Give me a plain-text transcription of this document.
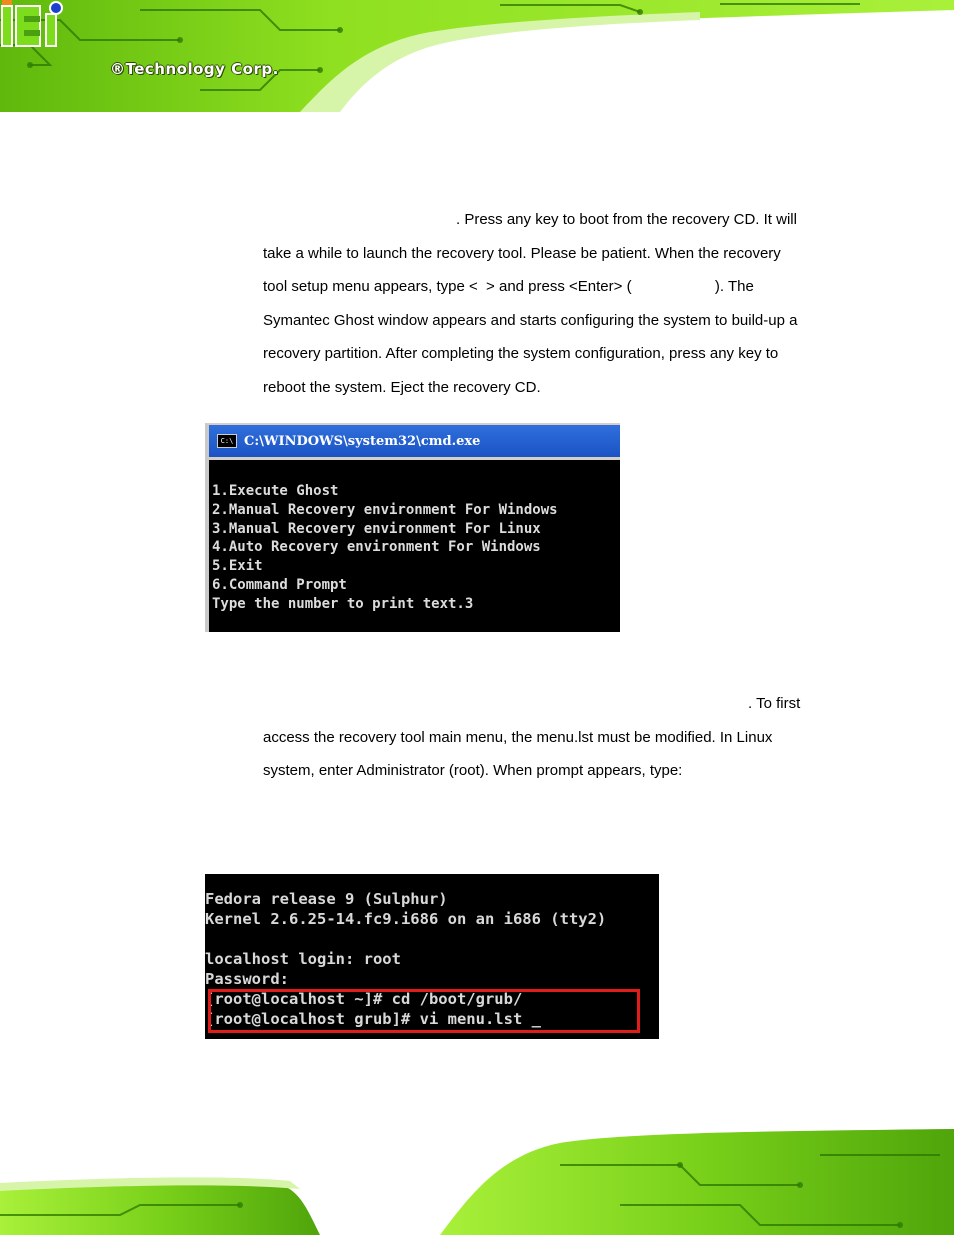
®Technology Corp.

. Press any key to boot from the recovery CD. It will

take a while to launch the recovery tool. Please be patient. When the recovery

tool setup menu appears, type <  > and press <Enter> (                    ). The

Symantec Ghost window appears and starts configuring the system to build-up a

recovery partition. After completing the system configuration, press any key to

reboot the system. Eject the recovery CD.

C:\ C:\WINDOWS\system32\cmd.exe
1.Execute Ghost
2.Manual Recovery environment For Windows
3.Manual Recovery environment For Linux
4.Auto Recovery environment For Windows
5.Exit
6.Command Prompt
Type the number to print text.3

. To first

access the recovery tool main menu, the menu.lst must be modified. In Linux

system, enter Administrator (root). When prompt appears, type:

Fedora release 9 (Sulphur)
Kernel 2.6.25-14.fc9.i686 on an i686 (tty2)
localhost login: root
Password:
[root@localhost ~]# cd /boot/grub/
[root@localhost grub]# vi menu.lst _
